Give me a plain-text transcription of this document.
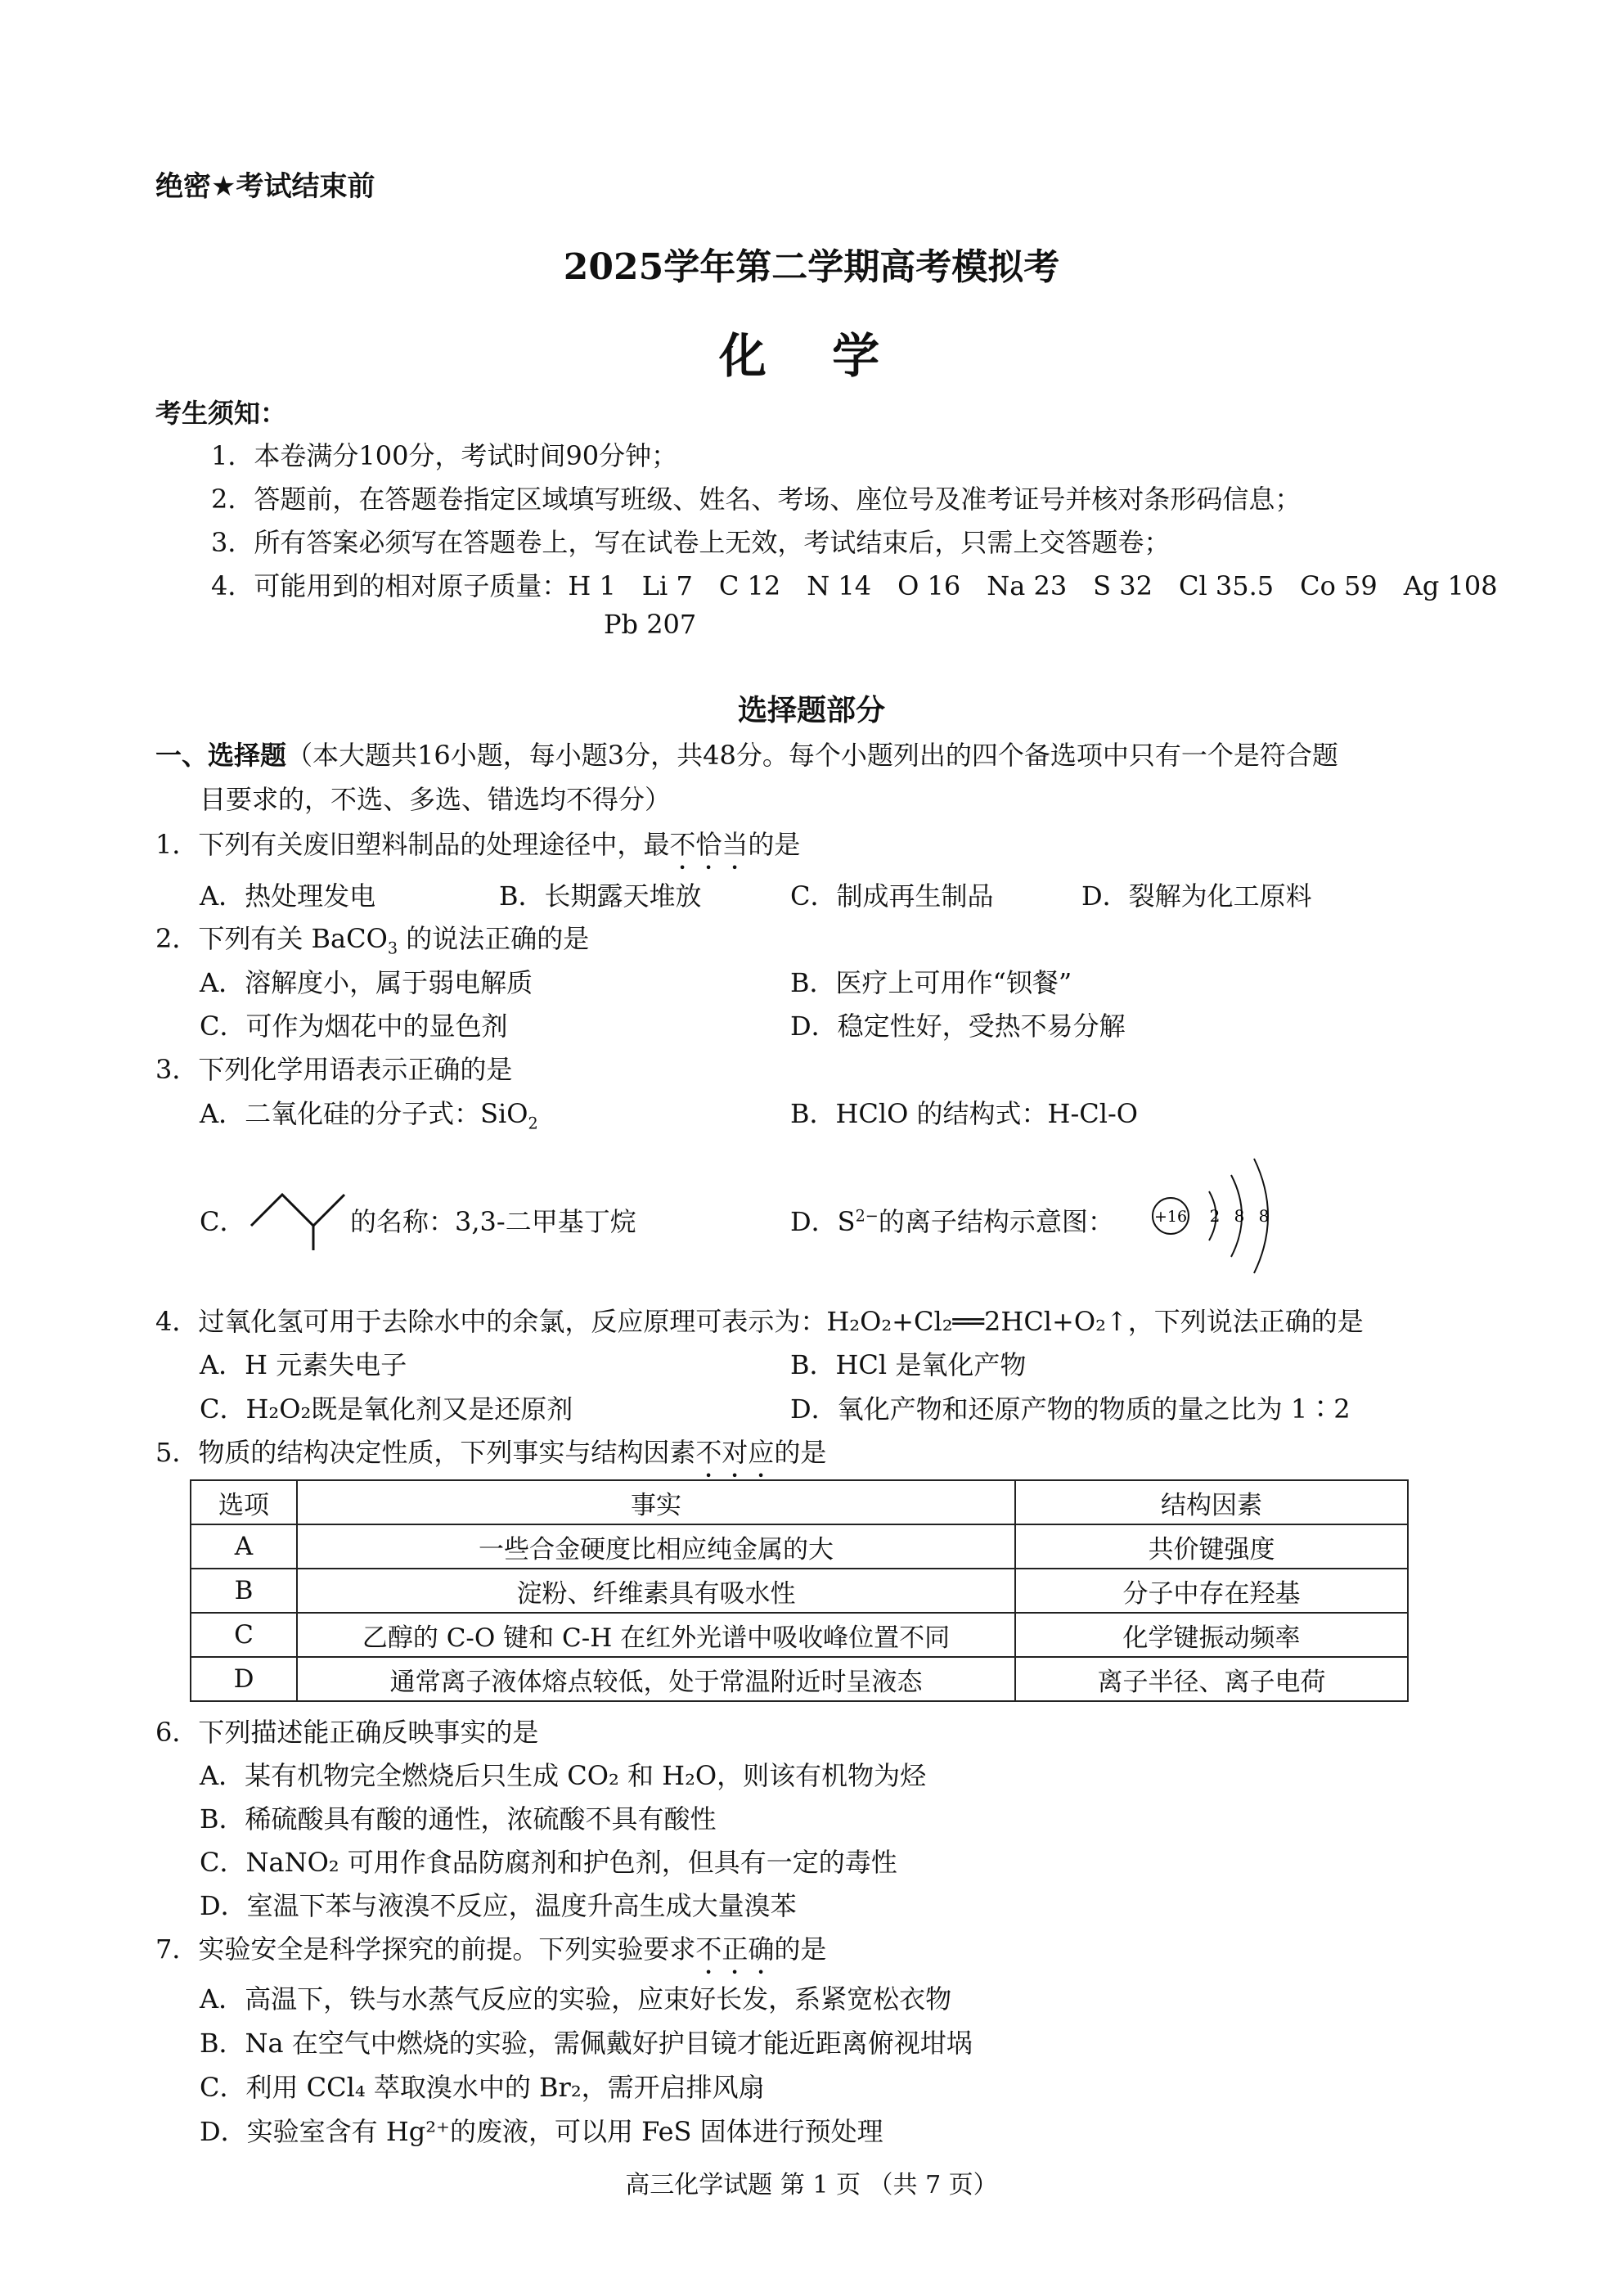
绝密★考试结束前
2025学年第二学期高考模拟考
化 学
考生须知：
1．本卷满分100分，考试时间90分钟；
2．答题前，在答题卷指定区域填写班级、姓名、考场、座位号及准考证号并核对条形码信息；
3．所有答案必须写在答题卷上，写在试卷上无效，考试结束后，只需上交答题卷；
4．可能用到的相对原子质量：H 1　Li 7　C 12　N 14　O 16　Na 23　S 32　Cl 35.5　Co 59　Ag 108
Pb 207
选择题部分
一、选择题（本大题共16小题，每小题3分，共48分。每个小题列出的四个备选项中只有一个是符合题
目要求的，不选、多选、错选均不得分）
1．下列有关废旧塑料制品的处理途径中，最不恰当的是
A．热处理发电	B．长期露天堆放	C．制成再生制品	D．裂解为化工原料
2．下列有关 BaCO$_3$ 的说法正确的是
A．溶解度小，属于弱电解质	B．医疗上可用作“钡餐”
C．可作为烟花中的显色剂	D．稳定性好，受热不易分解
3．下列化学用语表示正确的是
A．二氧化硅的分子式：SiO$_2$	B．HClO 的结构式：H-Cl-O
C．	的名称：3,3-二甲基丁烷	D．$S^{2-}$的离子结构示意图：	+16 2 8 8
4．过氧化氢可用于去除水中的余氯，反应原理可表示为：H₂O₂+Cl₂══2HCl+O₂↑，下列说法正确的是
A．H 元素失电子	B．HCl 是氧化产物
C．H₂O₂既是氧化剂又是还原剂	D．氧化产物和还原产物的物质的量之比为 1∶2
5．物质的结构决定性质，下列事实与结构因素不对应的是
选项	事实	结构因素
A	一些合金硬度比相应纯金属的大	共价键强度
B	淀粉、纤维素具有吸水性	分子中存在羟基
C	乙醇的 C-O 键和 C-H 在红外光谱中吸收峰位置不同	化学键振动频率
D	通常离子液体熔点较低，处于常温附近时呈液态	离子半径、离子电荷
6．下列描述能正确反映事实的是
A．某有机物完全燃烧后只生成 CO₂ 和 H₂O，则该有机物为烃
B．稀硫酸具有酸的通性，浓硫酸不具有酸性
C．NaNO₂ 可用作食品防腐剂和护色剂，但具有一定的毒性
D．室温下苯与液溴不反应，温度升高生成大量溴苯
7．实验安全是科学探究的前提。下列实验要求不正确的是
A．高温下，铁与水蒸气反应的实验，应束好长发，系紧宽松衣物
B．Na 在空气中燃烧的实验，需佩戴好护目镜才能近距离俯视坩埚
C．利用 CCl₄ 萃取溴水中的 Br₂，需开启排风扇
D．实验室含有 Hg²⁺的废液，可以用 FeS 固体进行预处理
高三化学试题 第 1 页 （共 7 页）
